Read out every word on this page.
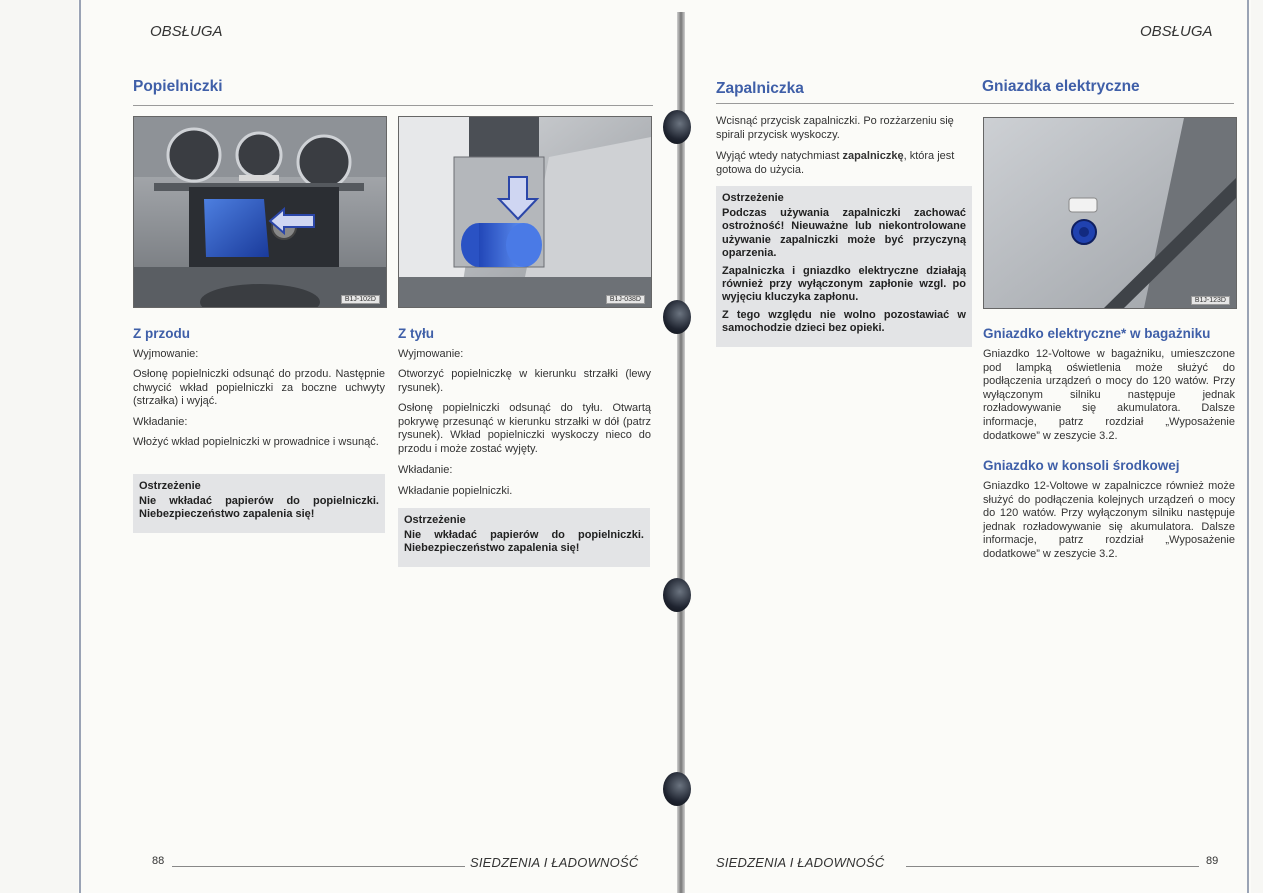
OBSŁUGA
Popielniczki
B1J-102D	B1J-038D
Z przodu
Wyjmowanie:
Osłonę popielniczki odsunąć do przodu. Następnie chwycić wkład popielniczki za boczne uchwyty (strzałka) i wyjąć.
Wkładanie:
Włożyć wkład popielniczki w prowadnice i wsunąć.
Ostrzeżenie
Nie wkładać papierów do popielniczki. Niebezpieczeństwo zapalenia się!
Z tyłu
Wyjmowanie:
Otworzyć popielniczkę w kierunku strzałki (lewy rysunek).
Osłonę popielniczki odsunąć do tyłu. Otwartą pokrywę przesunąć w kierunku strzałki w dół (patrz rysunek). Wkład popielniczki wyskoczy nieco do przodu i może zostać wyjęty.
Wkładanie:
Wkładanie popielniczki.
Ostrzeżenie
Nie wkładać papierów do popielniczki. Niebezpieczeństwo zapalenia się!
88	SIEDZENIA I ŁADOWNOŚĆ
OBSŁUGA
Zapalniczka
Wcisnąć przycisk zapalniczki. Po rozżarzeniu się spirali przycisk wyskoczy.
Wyjąć wtedy natychmiast zapalniczkę, która jest gotowa do użycia.
Ostrzeżenie
Podczas używania zapalniczki zachować ostrożność! Nieuważne lub niekontrolowane używanie zapalniczki może być przyczyną oparzenia.
Zapalniczka i gniazdko elektryczne działają również przy wyłączonym zapłonie wzgl. po wyjęciu kluczyka zapłonu.
Z tego względu nie wolno pozostawiać w samochodzie dzieci bez opieki.
Gniazdka elektryczne
B1J-123D
Gniazdko elektryczne* w bagażniku
Gniazdko 12-Voltowe w bagażniku, umieszczone pod lampką oświetlenia może służyć do podłączenia urządzeń o mocy do 120 watów. Przy wyłączonym silniku następuje jednak rozładowywanie się akumulatora. Dalsze informacje, patrz rozdział „Wyposażenie dodatkowe” w zeszycie 3.2.
Gniazdko w konsoli środkowej
Gniazdko 12-Voltowe w zapalniczce również może służyć do podłączenia kolejnych urządzeń o mocy do 120 watów. Przy wyłączonym silniku następuje jednak rozładowywanie się akumulatora. Dalsze informacje, patrz rozdział „Wyposażenie dodatkowe” w zeszycie 3.2.
SIEDZENIA I ŁADOWNOŚĆ	89
